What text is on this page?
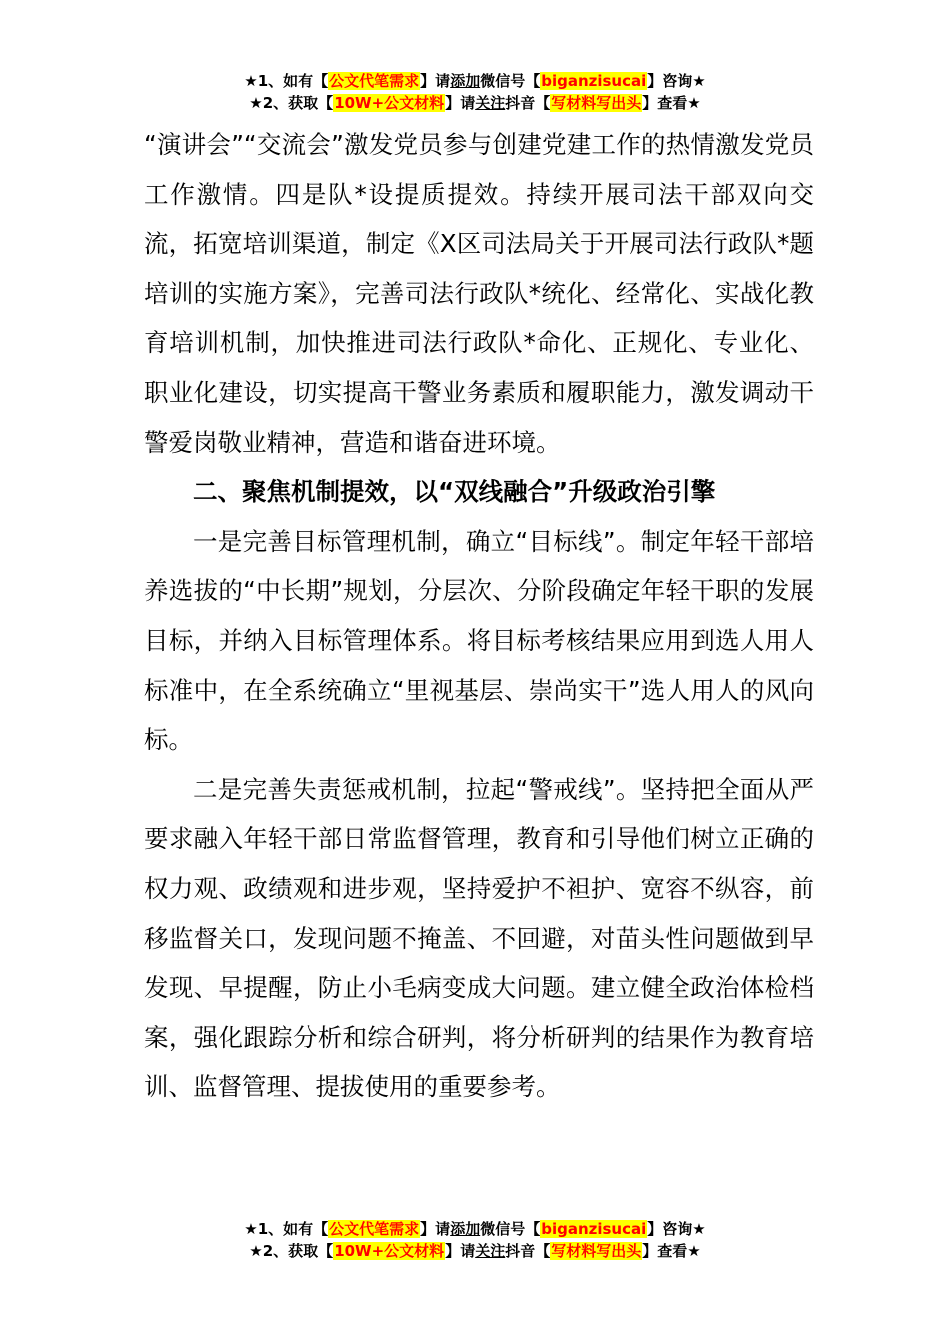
★1、如有【公文代笔需求】请添加微信号【biganzisucai】咨询★
★2、获取【10W+公文材料】请关注抖音【写材料写出头】查看★

“演讲会”“交流会”激发党员参与创建党建工作的热情激发党员工作激情。四是队*设提质提效。持续开展司法干部双向交流，拓宽培训渠道，制定《X区司法局关于开展司法行政队*题培训的实施方案》，完善司法行政队*统化、经常化、实战化教育培训机制，加快推进司法行政队*命化、正规化、专业化、职业化建设，切实提高干警业务素质和履职能力，激发调动干警爱岗敬业精神，营造和谐奋进环境。

二、聚焦机制提效，以“双线融合”升级政治引擎

一是完善目标管理机制，确立“目标线”。制定年轻干部培养选拔的“中长期”规划，分层次、分阶段确定年轻干职的发展目标，并纳入目标管理体系。将目标考核结果应用到选人用人标准中，在全系统确立“里视基层、崇尚实干”选人用人的风向标。

二是完善失责惩戒机制，拉起“警戒线”。坚持把全面从严要求融入年轻干部日常监督管理，教育和引导他们树立正确的权力观、政绩观和进步观，坚持爱护不袒护、宽容不纵容，前移监督关口，发现问题不掩盖、不回避，对苗头性问题做到早发现、早提醒，防止小毛病变成大问题。建立健全政治体检档案，强化跟踪分析和综合研判，将分析研判的结果作为教育培训、监督管理、提拔使用的重要参考。

★1、如有【公文代笔需求】请添加微信号【biganzisucai】咨询★
★2、获取【10W+公文材料】请关注抖音【写材料写出头】查看★
